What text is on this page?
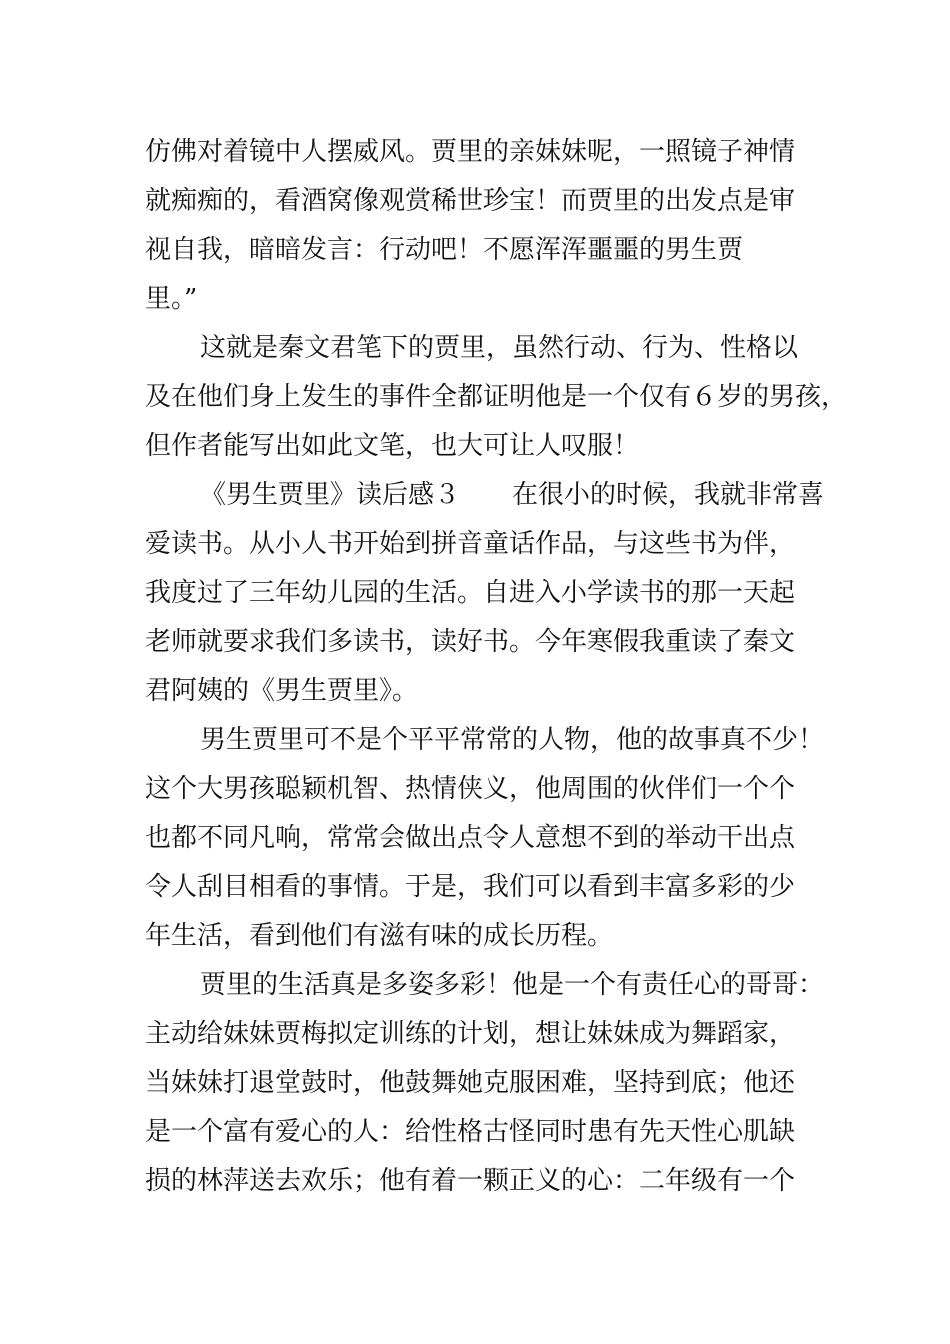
仿佛对着镜中人摆威风。贾里的亲妹妹呢，一照镜子神情
就痴痴的，看酒窝像观赏稀世珍宝！而贾里的出发点是审
视自我，暗暗发言：行动吧！不愿浑浑噩噩的男生贾
里。”
这就是秦文君笔下的贾里，虽然行动、行为、性格以
及在他们身上发生的事件全都证明他是一个仅有６岁的男孩，
但作者能写出如此文笔，也大可让人叹服！
《男生贾里》读后感３　　在很小的时候，我就非常喜
爱读书。从小人书开始到拼音童话作品，与这些书为伴，
我度过了三年幼儿园的生活。自进入小学读书的那一天起
老师就要求我们多读书，读好书。今年寒假我重读了秦文
君阿姨的《男生贾里》。
男生贾里可不是个平平常常的人物，他的故事真不少！
这个大男孩聪颖机智、热情侠义，他周围的伙伴们一个个
也都不同凡响，常常会做出点令人意想不到的举动干出点
令人刮目相看的事情。于是，我们可以看到丰富多彩的少
年生活，看到他们有滋有味的成长历程。
贾里的生活真是多姿多彩！他是一个有责任心的哥哥：
主动给妹妹贾梅拟定训练的计划，想让妹妹成为舞蹈家，
当妹妹打退堂鼓时，他鼓舞她克服困难，坚持到底；他还
是一个富有爱心的人：给性格古怪同时患有先天性心肌缺
损的林萍送去欢乐；他有着一颗正义的心：二年级有一个
